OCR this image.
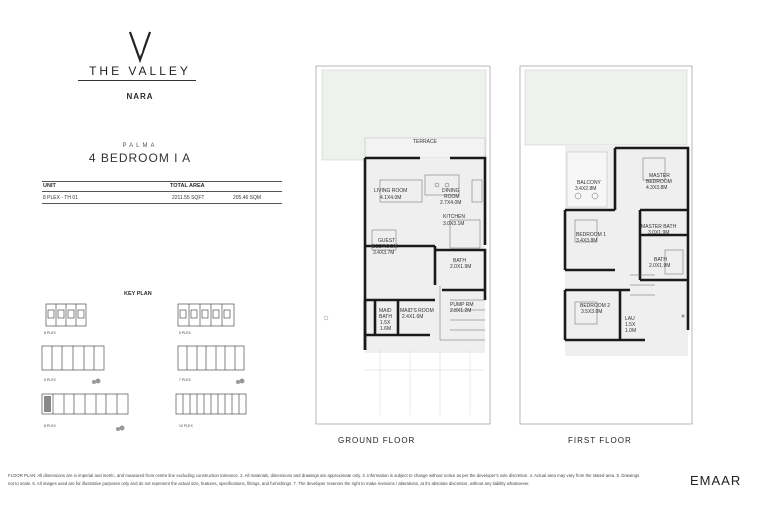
THE VALLEY
NARA
PALMA
4 BEDROOM I A
UNIT	TOTAL AREA
8 PLEX - TH 01	2211.55 SQFT	205.46 SQM
KEY PLAN
8 PLEX	5 PLEX
6 PLEX	7 PLEX
8 PLEX	10 PLEX
TERRACE
LIVING ROOM
4.1X4.0M
DINING
ROOM
2.7X4.0M
KITCHEN
3.0X3.1M
GUEST
BEDROOM
3.4X3.7M
BATH
2.0X1.9M
PUMP RM
2.8X1.2M
MAID'S ROOM
2.4X1.6M
MAID
BATH
1.5X
1.6M
GROUND FLOOR
BALCONY
3.4X2.8M
MASTER
BEDROOM
4.3X3.8M
BEDROOM 1
3.4X3.8M
MASTER BATH
3.0X1.9M
BATH
2.0X1.9M
BEDROOM 2
3.5X3.0M
LAU
1.5X
1.0M
FIRST FLOOR
FLOOR PLAN: All dimensions are in imperial and metric, and measured from centre line excluding construction tolerance. 2. All materials, dimensions and drawings are approximate only. 3. Information is subject to change without notice as per the developer's sole discretion. 4. Actual area may vary from the stated area. 5. Drawings
not to scale. 6. All images used are for illustrative purposes only and do not represent the actual size, features, specifications, fittings, and furnishings. 7. The developer reserves the right to make revisions / alterations, at it's absolute discretion, without any liability whatsoever.	EMAAR
